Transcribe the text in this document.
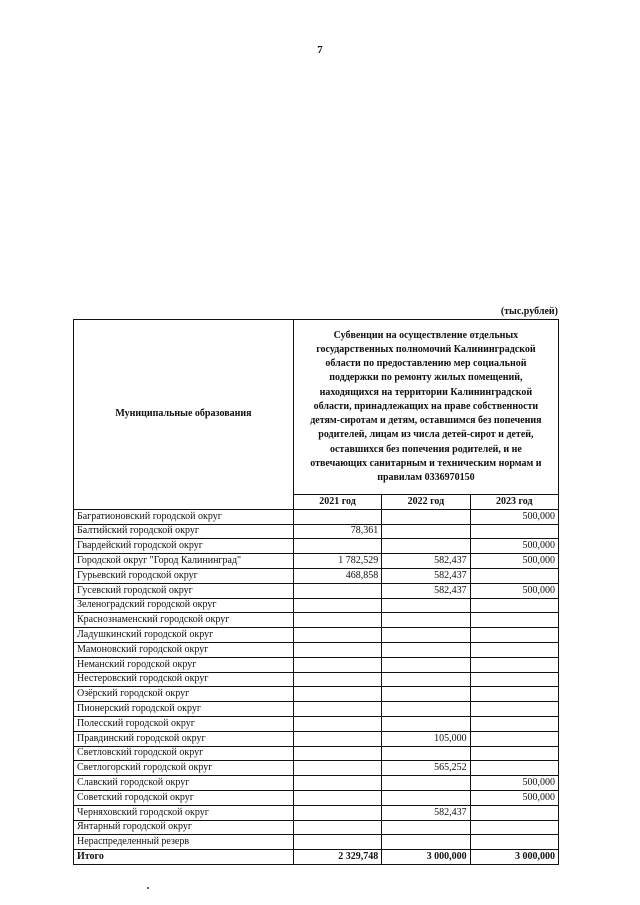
7
(тыс.рублей)
Муниципальные образования	Субвенции на осуществление отдельных государственных полномочий Калининградской области по предоставлению мер социальной поддержки по ремонту жилых помещений, находящихся на территории Калининградской области, принадлежащих на праве собственности детям-сиротам и детям, оставшимся без попечения родителей, лицам из числа детей-сирот и детей, оставшихся без попечения родителей, и не отвечающих санитарным и техническим нормам и правилам 0336970150		
	2021 год	2022 год	2023 год
Багратионовский городской округ			500,000
Балтийский городской округ	78,361		
Гвардейский городской округ			500,000
Городской округ "Город Калининград"	1 782,529	582,437	500,000
Гурьевский городской округ	468,858	582,437	
Гусевский городской округ		582,437	500,000
Зеленоградский городской округ			
Краснознаменский городской округ			
Ладушкинский городской округ			
Мамоновский городской округ			
Неманский городской округ			
Нестеровский городской округ			
Озёрский городской округ			
Пионерский городской округ			
Полесский городской округ			
Правдинский городской округ		105,000	
Светловский городской округ			
Светлогорский городской округ		565,252	
Славский городской округ			500,000
Советский городской округ			500,000
Черняховский городской округ		582,437	
Янтарный городской округ			
Нераспределенный резерв			
Итого	2 329,748	3 000,000	3 000,000
